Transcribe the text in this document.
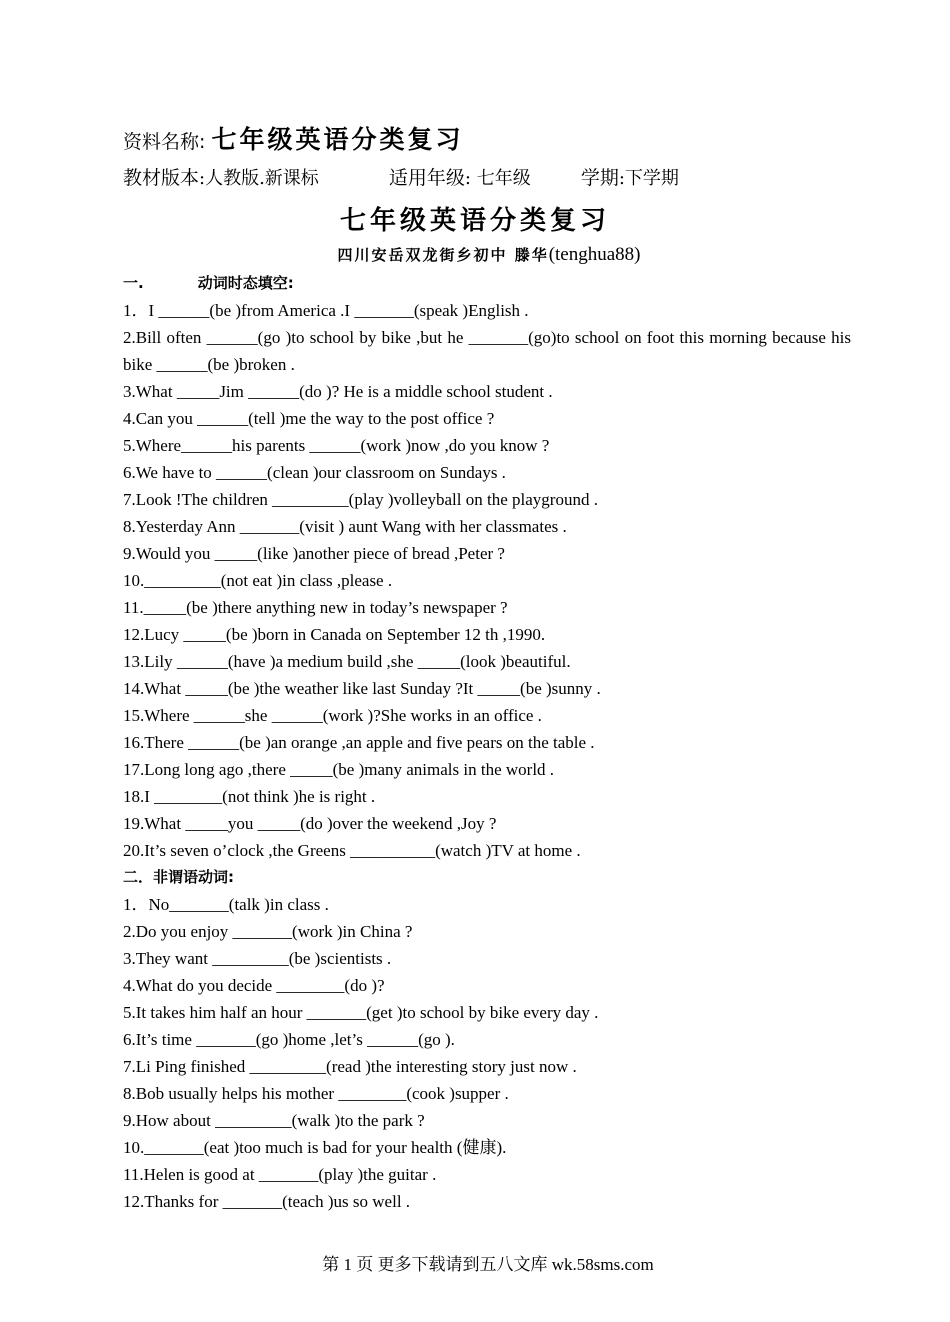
资料名称: 七年级英语分类复习
教材版本:人教版.新课标	适用年级: 七年级	学期:下学期
七年级英语分类复习
四川安岳双龙街乡初中 滕华(tenghua88)
一.	动词时态填空:
1．I ______(be )from America .I _______(speak )English .
2.Bill often ______(go )to school by bike ,but he _______(go)to school on foot this morning because his bike ______(be )broken .
3.What _____Jim ______(do )? He is a middle school student .
4.Can you ______(tell )me the way to the post office ?
5.Where______his parents ______(work )now ,do you know ?
6.We have to ______(clean )our classroom on Sundays .
7.Look !The children _________(play )volleyball on the playground .
8.Yesterday Ann _______(visit ) aunt Wang with her classmates .
9.Would you _____(like )another piece of bread ,Peter ?
10._________(not eat )in class ,please .
11._____(be )there anything new in today’s newspaper ?
12.Lucy _____(be )born in Canada on September 12 th ,1990.
13.Lily ______(have )a medium build ,she _____(look )beautiful.
14.What _____(be )the weather like last Sunday ?It _____(be )sunny .
15.Where ______she ______(work )?She works in an office .
16.There ______(be )an orange ,an apple and five pears on the table .
17.Long long ago ,there _____(be )many animals in the world .
18.I ________(not think )he is right .
19.What _____you _____(do )over the weekend ,Joy ?
20.It’s seven o’clock ,the Greens __________(watch )TV at home .
二．非谓语动词:
1．No_______(talk )in class .
2.Do you enjoy _______(work )in China ?
3.They want _________(be )scientists .
4.What do you decide ________(do )?
5.It takes him half an hour _______(get )to school by bike every day .
6.It’s time _______(go )home ,let’s ______(go ).
7.Li Ping finished _________(read )the interesting story just now .
8.Bob usually helps his mother ________(cook )supper .
9.How about _________(walk )to the park ?
10._______(eat )too much is bad for your health (健康).
11.Helen is good at _______(play )the guitar .
12.Thanks for _______(teach )us so well .
第 1 页 更多下载请到五八文库 wk.58sms.com
